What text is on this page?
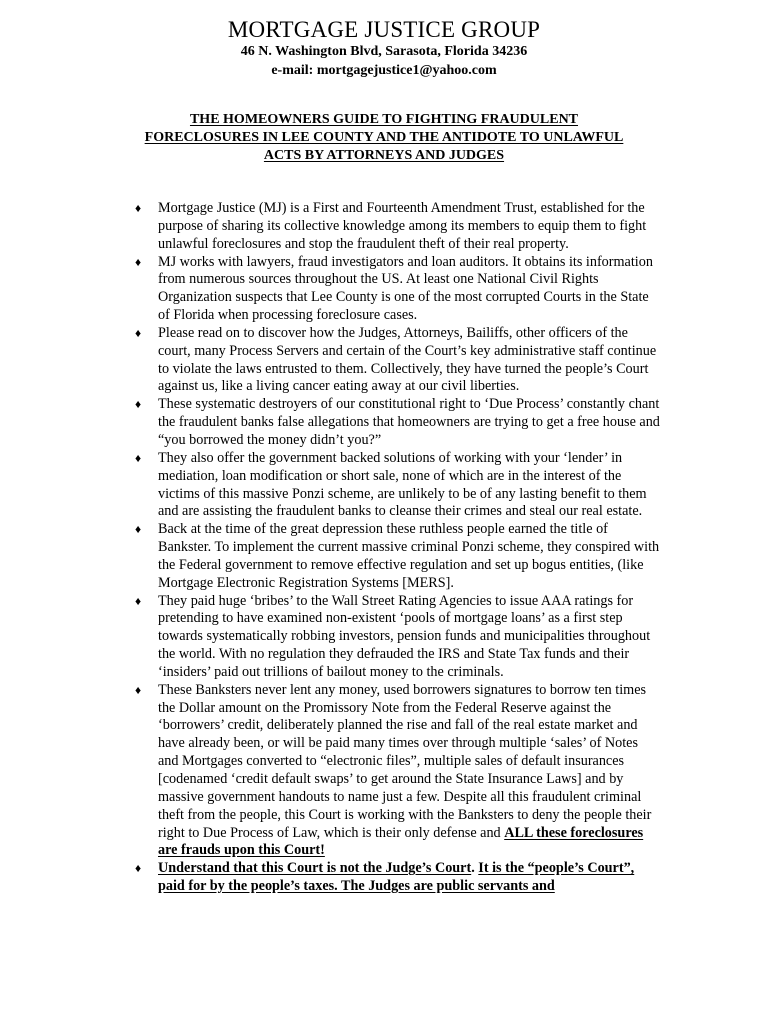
MORTGAGE JUSTICE GROUP
46 N. Washington Blvd, Sarasota, Florida 34236
e-mail: mortgagejustice1@yahoo.com
THE HOMEOWNERS GUIDE TO FIGHTING FRAUDULENT
FORECLOSURES IN LEE COUNTY AND THE ANTIDOTE TO UNLAWFUL
ACTS BY ATTORNEYS AND JUDGES
♦ Mortgage Justice (MJ) is a First and Fourteenth Amendment Trust, established for the purpose of sharing its collective knowledge among its members to equip them to fight unlawful foreclosures and stop the fraudulent theft of their real property.
♦ MJ works with lawyers, fraud investigators and loan auditors. It obtains its information from numerous sources throughout the US. At least one National Civil Rights Organization suspects that Lee County is one of the most corrupted Courts in the State of Florida when processing foreclosure cases.
♦ Please read on to discover how the Judges, Attorneys, Bailiffs, other officers of the court, many Process Servers and certain of the Court’s key administrative staff continue to violate the laws entrusted to them. Collectively, they have turned the people’s Court against us, like a living cancer eating away at our civil liberties.
♦ These systematic destroyers of our constitutional right to ‘Due Process’ constantly chant the fraudulent banks false allegations that homeowners are trying to get a free house and “you borrowed the money didn’t you?”
♦ They also offer the government backed solutions of working with your ‘lender’ in mediation, loan modification or short sale, none of which are in the interest of the victims of this massive Ponzi scheme, are unlikely to be of any lasting benefit to them and are assisting the fraudulent banks to cleanse their crimes and steal our real estate.
♦ Back at the time of the great depression these ruthless people earned the title of Bankster. To implement the current massive criminal Ponzi scheme, they conspired with the Federal government to remove effective regulation and set up bogus entities, (like Mortgage Electronic Registration Systems [MERS].
♦ They paid huge ‘bribes’ to the Wall Street Rating Agencies to issue AAA ratings for pretending to have examined non-existent ‘pools of mortgage loans’ as a first step towards systematically robbing investors, pension funds and municipalities throughout the world. With no regulation they defrauded the IRS and State Tax funds and their ‘insiders’ paid out trillions of bailout money to the criminals.
♦ These Banksters never lent any money, used borrowers signatures to borrow ten times the Dollar amount on the Promissory Note from the Federal Reserve against the ‘borrowers’ credit, deliberately planned the rise and fall of the real estate market and have already been, or will be paid many times over through multiple ‘sales’ of Notes and Mortgages converted to “electronic files”, multiple sales of default insurances [codenamed ‘credit default swaps’ to get around the State Insurance Laws] and by massive government handouts to name just a few. Despite all this fraudulent criminal theft from the people, this Court is working with the Banksters to deny the people their right to Due Process of Law, which is their only defense and ALL these foreclosures are frauds upon this Court!
♦ Understand that this Court is not the Judge’s Court. It is the “people’s Court”, paid for by the people’s taxes. The Judges are public servants and
